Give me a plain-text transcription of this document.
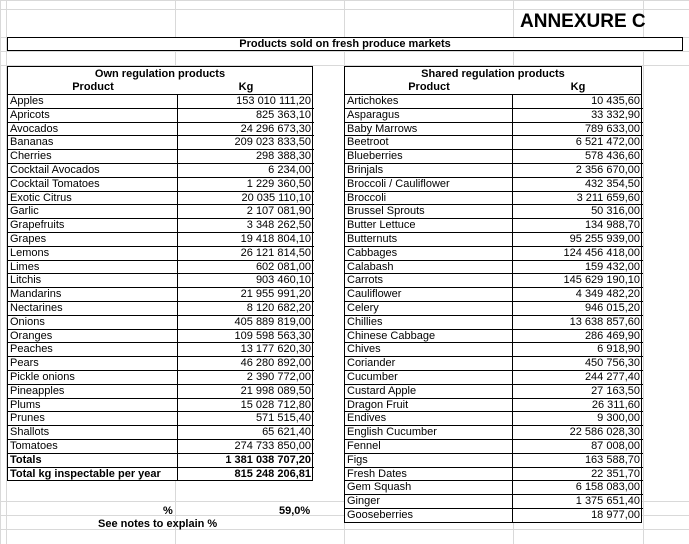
ANNEXURE C
Products sold on fresh produce markets
Own regulation products
Product	Kg
Apples	153 010 111,20
Apricots	825 363,10
Avocados	24 296 673,30
Bananas	209 023 833,50
Cherries	298 388,30
Cocktail Avocados	6 234,00
Cocktail Tomatoes	1 229 360,50
Exotic Citrus	20 035 110,10
Garlic	2 107 081,90
Grapefruits	3 348 262,50
Grapes	19 418 804,10
Lemons	26 121 814,50
Limes	602 081,00
Litchis	903 460,10
Mandarins	21 955 991,20
Nectarines	8 120 682,20
Onions	405 889 819,00
Oranges	109 598 563,30
Peaches	13 177 620,30
Pears	46 280 892,00
Pickle onions	2 390 772,00
Pineapples	21 998 089,50
Plums	15 028 712,80
Prunes	571 515,40
Shallots	65 621,40
Tomatoes	274 733 850,00
Totals	1 381 038 707,20
Total kg inspectable per year	815 248 206,81
Shared regulation products
Product	Kg
Artichokes	10 435,60
Asparagus	33 332,90
Baby Marrows	789 633,00
Beetroot	6 521 472,00
Blueberries	578 436,60
Brinjals	2 356 670,00
Broccoli / Cauliflower	432 354,50
Broccoli	3 211 659,60
Brussel Sprouts	50 316,00
Butter Lettuce	134 988,70
Butternuts	95 255 939,00
Cabbages	124 456 418,00
Calabash	159 432,00
Carrots	145 629 190,10
Cauliflower	4 349 482,20
Celery	946 015,20
Chillies	13 638 857,60
Chinese Cabbage	286 469,90
Chives	6 918,90
Coriander	450 756,30
Cucumber	244 277,40
Custard Apple	27 163,50
Dragon Fruit	26 311,60
Endives	9 300,00
English Cucumber	22 586 028,30
Fennel	87 008,00
Figs	163 588,70
Fresh Dates	22 351,70
Gem Squash	6 158 083,00
Ginger	1 375 651,40
Gooseberries	18 977,00
%	59,0%
See notes to explain %
